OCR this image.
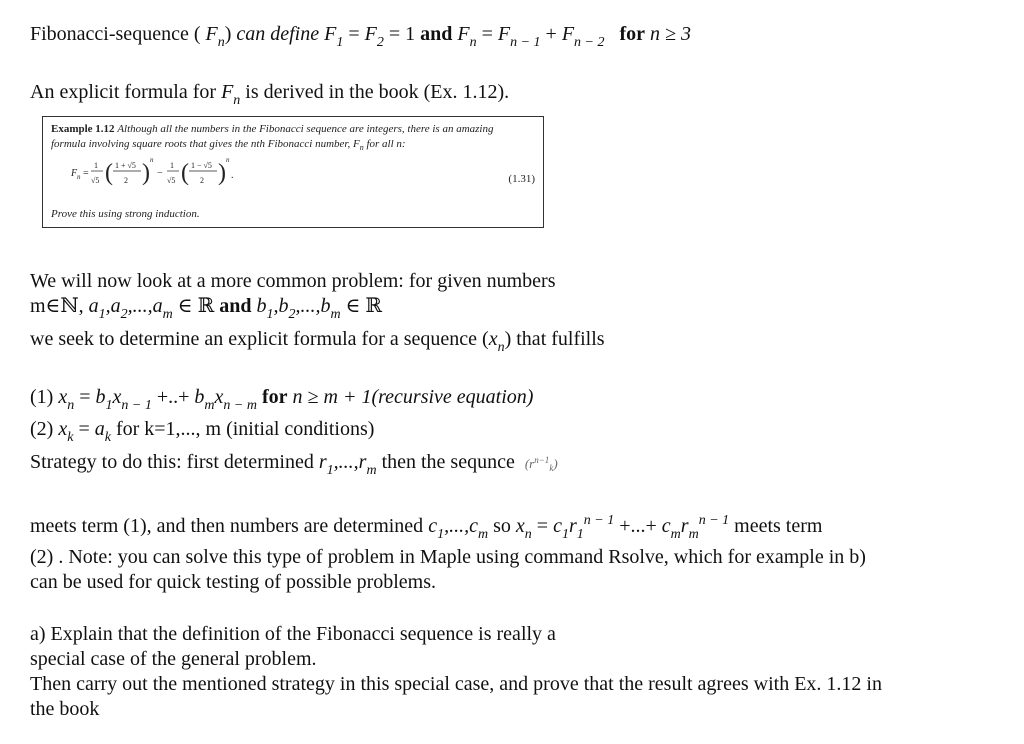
Fibonacci-sequence ( $F_n$) can define $F_1 = F_2 = 1$ and $F_n = F_{n - 1} + F_{n - 2}$ for n ≥ 3
An explicit formula for $F_n$ is derived in the book (Ex. 1.12).
Example 1.12 Although all the numbers in the Fibonacci sequence are integers, there is an amazing
formula involving square roots that gives the nth Fibonacci number, $F_n$ for all n:
F n =
1
√5 ( 1 + √5
2 ) n
−
1
√5 ( 1 − √5
2 ) n
.	(1.31)
Prove this using strong induction.
We will now look at a more common problem: for given numbers
m∈ℕ, $a_1,a_2,...,a_m$ ∈ ℝ and $b_1,b_2,...,b_m$ ∈ ℝ
we seek to determine an explicit formula for a sequence $(x_n)$ that fulfills
(1) $x_n = b_1x_{n - 1}$ +..+ $b_mx_{n - m}$ for n ≥ m + 1(recursive equation)
(2) $x_k = a_k$ for k=1,..., m (initial conditions)
Strategy to do this: first determined $r_1,...,r_m$ then the sequnce $(r^{n-1}_k)$
meets term (1), and then numbers are determined $c_1,...,c_m$ so $x_n = c_1r_1^{n - 1}$ +...+ $c_mr_m^{n - 1}$ meets term
(2) . Note: you can solve this type of problem in Maple using command Rsolve, which for example in b)
can be used for quick testing of possible problems.
a) Explain that the definition of the Fibonacci sequence is really a
special case of the general problem.
Then carry out the mentioned strategy in this special case, and prove that the result agrees with Ex. 1.12 in
the book
